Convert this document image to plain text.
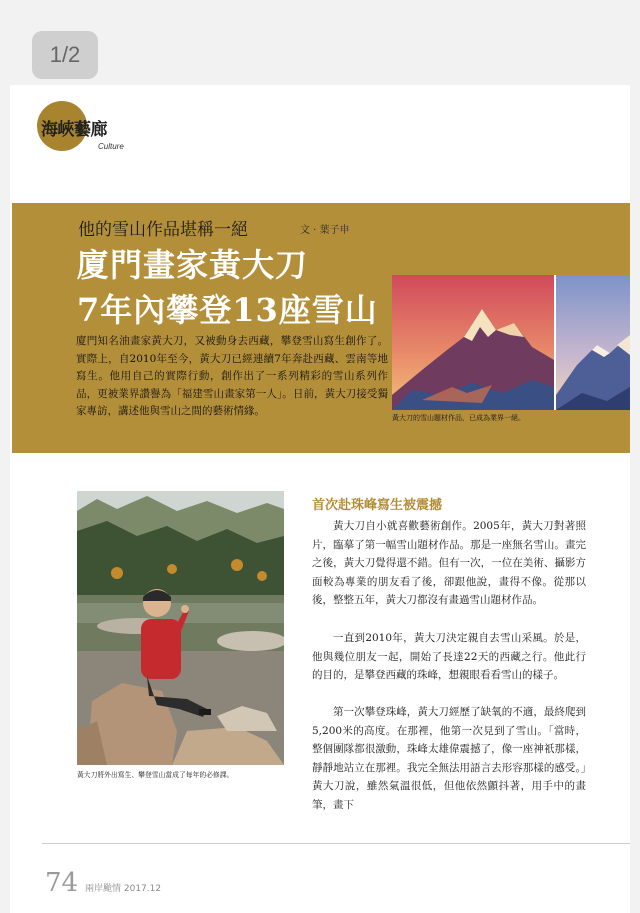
1/2
海峽藝廊
Culture
他的雪山作品堪稱一絕	文 · 葉子申
廈門畫家黃大刀
7年內攀登13座雪山
廈門知名油畫家黃大刀，又被動身去西藏，攀登雪山寫生創作了。實際上，自2010年至今，黃大刀已經連續7年奔赴西藏、雲南等地寫生。他用自己的實際行動，創作出了一系列精彩的雪山系列作品，更被業界讚譽為「福建雪山畫家第一人」。日前，黃大刀接受獨家專訪，講述他與雪山之間的藝術情緣。
黃大刀的雪山題材作品，已成為業界一絕。
黃大刀將外出寫生、攀登雪山當成了每年的必修課。
首次赴珠峰寫生被震撼

黃大刀自小就喜歡藝術創作。2005年，黃大刀對著照片，臨摹了第一幅雪山題材作品。那是一座無名雪山。畫完之後，黃大刀覺得還不錯。但有一次，一位在美術、攝影方面較為專業的朋友看了後，卻跟他說，畫得不像。從那以後，整整五年，黃大刀都沒有畫過雪山題材作品。

一直到2010年，黃大刀決定親自去雪山采風。於是，他與幾位朋友一起，開始了長達22天的西藏之行。他此行的目的，是攀登西藏的珠峰，想親眼看看雪山的樣子。

第一次攀登珠峰，黃大刀經歷了缺氧的不適，最終爬到5,200米的高度。在那裡，他第一次見到了雪山。「當時，整個團隊都很激動，珠峰太雄偉震撼了，像一座神祇那樣，靜靜地站立在那裡。我完全無法用語言去形容那樣的感受。」黃大刀說，雖然氣溫很低，但他依然顫抖著，用手中的畫筆，畫下

74 兩岸颱情 2017.12
